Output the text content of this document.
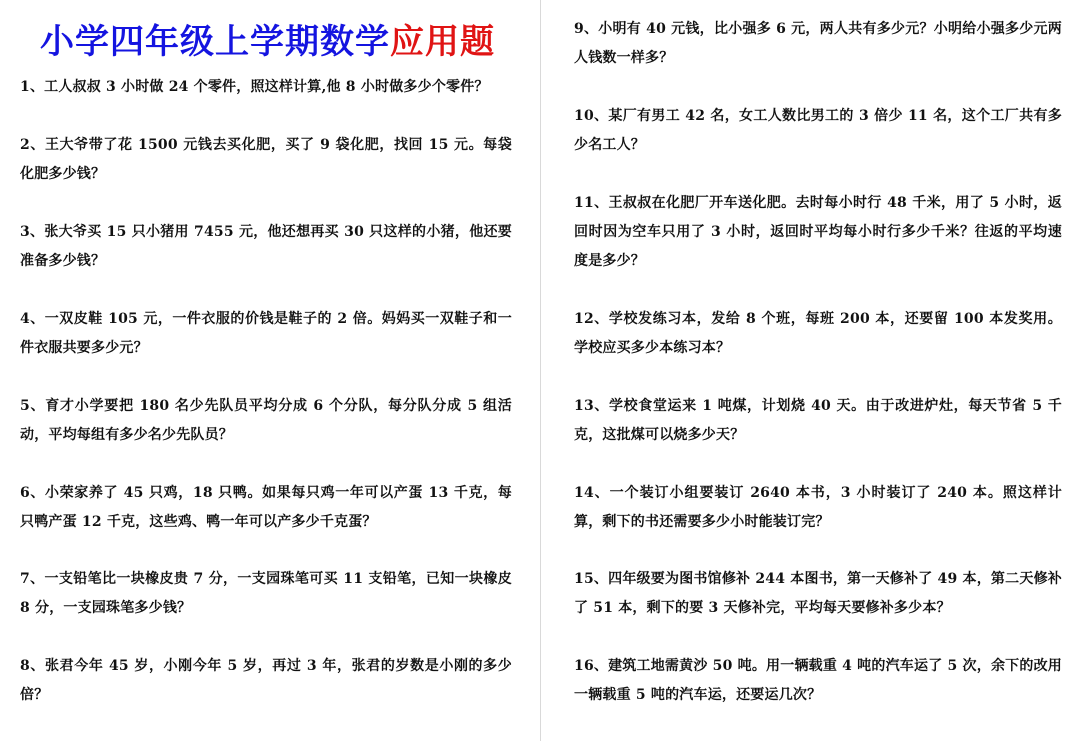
小学四年级上学期数学应用题
1、工人叔叔 3 小时做 24 个零件，照这样计算,他 8 小时做多少个零件？
2、王大爷带了花 1500 元钱去买化肥，买了 9 袋化肥，找回 15 元。每袋化肥多少钱？
3、张大爷买 15 只小猪用 7455 元，他还想再买 30 只这样的小猪，他还要准备多少钱？
4、一双皮鞋 105 元，一件衣服的价钱是鞋子的 2 倍。妈妈买一双鞋子和一件衣服共要多少元？
5、育才小学要把 180 名少先队员平均分成 6 个分队，每分队分成 5 组活动，平均每组有多少名少先队员？
6、小荣家养了 45 只鸡，18 只鸭。如果每只鸡一年可以产蛋 13 千克，每只鸭产蛋 12 千克，这些鸡、鸭一年可以产多少千克蛋？
7、一支铅笔比一块橡皮贵 7 分，一支园珠笔可买 11 支铅笔，已知一块橡皮 8 分，一支园珠笔多少钱？
8、张君今年 45 岁，小刚今年 5 岁，再过 3 年，张君的岁数是小刚的多少倍？
9、小明有 40 元钱，比小强多 6 元，两人共有多少元？小明给小强多少元两人钱数一样多？
10、某厂有男工 42 名，女工人数比男工的 3 倍少 11 名，这个工厂共有多少名工人？
11、王叔叔在化肥厂开车送化肥。去时每小时行 48 千米，用了 5 小时，返回时因为空车只用了 3 小时，返回时平均每小时行多少千米？往返的平均速度是多少？
12、学校发练习本，发给 8 个班，每班 200 本，还要留 100 本发奖用。学校应买多少本练习本？
13、学校食堂运来 1 吨煤，计划烧 40 天。由于改进炉灶，每天节省 5 千克，这批煤可以烧多少天？
14、一个装订小组要装订 2640 本书，3 小时装订了 240 本。照这样计算，剩下的书还需要多少小时能装订完？
15、四年级要为图书馆修补 244 本图书，第一天修补了 49 本，第二天修补了 51 本，剩下的要 3 天修补完，平均每天要修补多少本？
16、建筑工地需黄沙 50 吨。用一辆载重 4 吨的汽车运了 5 次，余下的改用一辆载重 5 吨的汽车运，还要运几次？
